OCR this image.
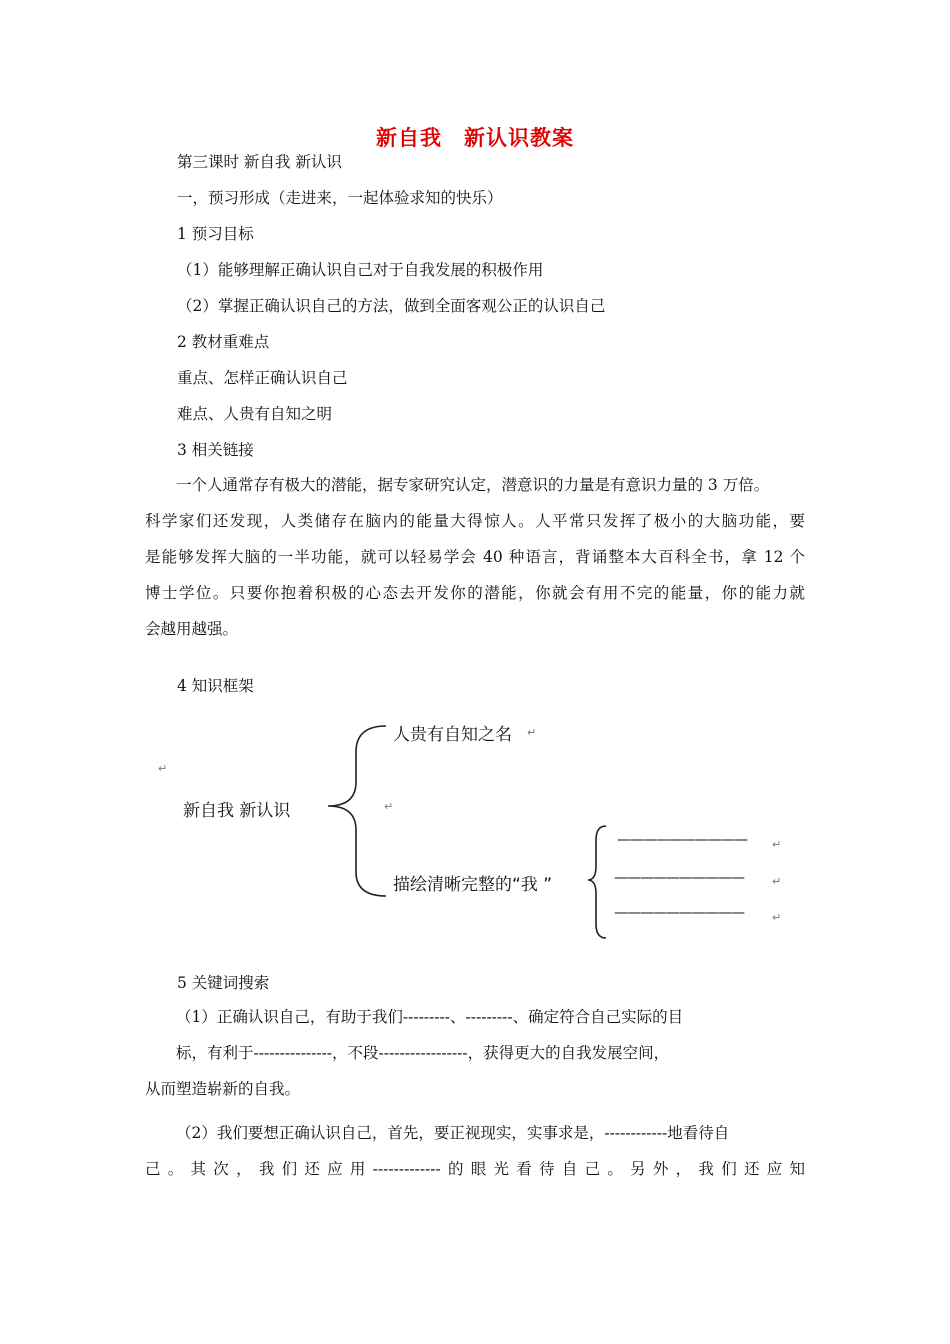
新自我　新认识教案
第三课时 新自我 新认识
一，预习形成（走进来，一起体验求知的快乐）
1 预习目标
（1）能够理解正确认识自己对于自我发展的积极作用
（2）掌握正确认识自己的方法，做到全面客观公正的认识自己
2 教材重难点
重点、怎样正确认识自己
难点、人贵有自知之明
3 相关链接
一个人通常存有极大的潜能，据专家研究认定，潜意识的力量是有意识力量的 3 万倍。
科学家们还发现，人类储存在脑内的能量大得惊人。人平常只发挥了极小的大脑功能，要
是能够发挥大脑的一半功能，就可以轻易学会 40 种语言，背诵整本大百科全书，拿 12 个
博士学位。只要你抱着积极的心态去开发你的潜能，你就会有用不完的能量，你的能力就
会越用越强。
4 知识框架
↵
新自我 新认识
人贵有自知之名 ↵
↵
描绘清晰完整的“我 ”
—————————— ↵
——————————	↵
——————————	↵
5 关键词搜索
（1）正确认识自己，有助于我们---------、---------、确定符合自己实际的目
标，有利于---------------，不段-----------------，获得更大的自我发展空间，
从而塑造崭新的自我。
（2）我们要想正确认识自己，首先，要正视现实，实事求是，------------地看待自
己。其次，我们还应用-------------的眼光看待自己。另外，我们还应知
